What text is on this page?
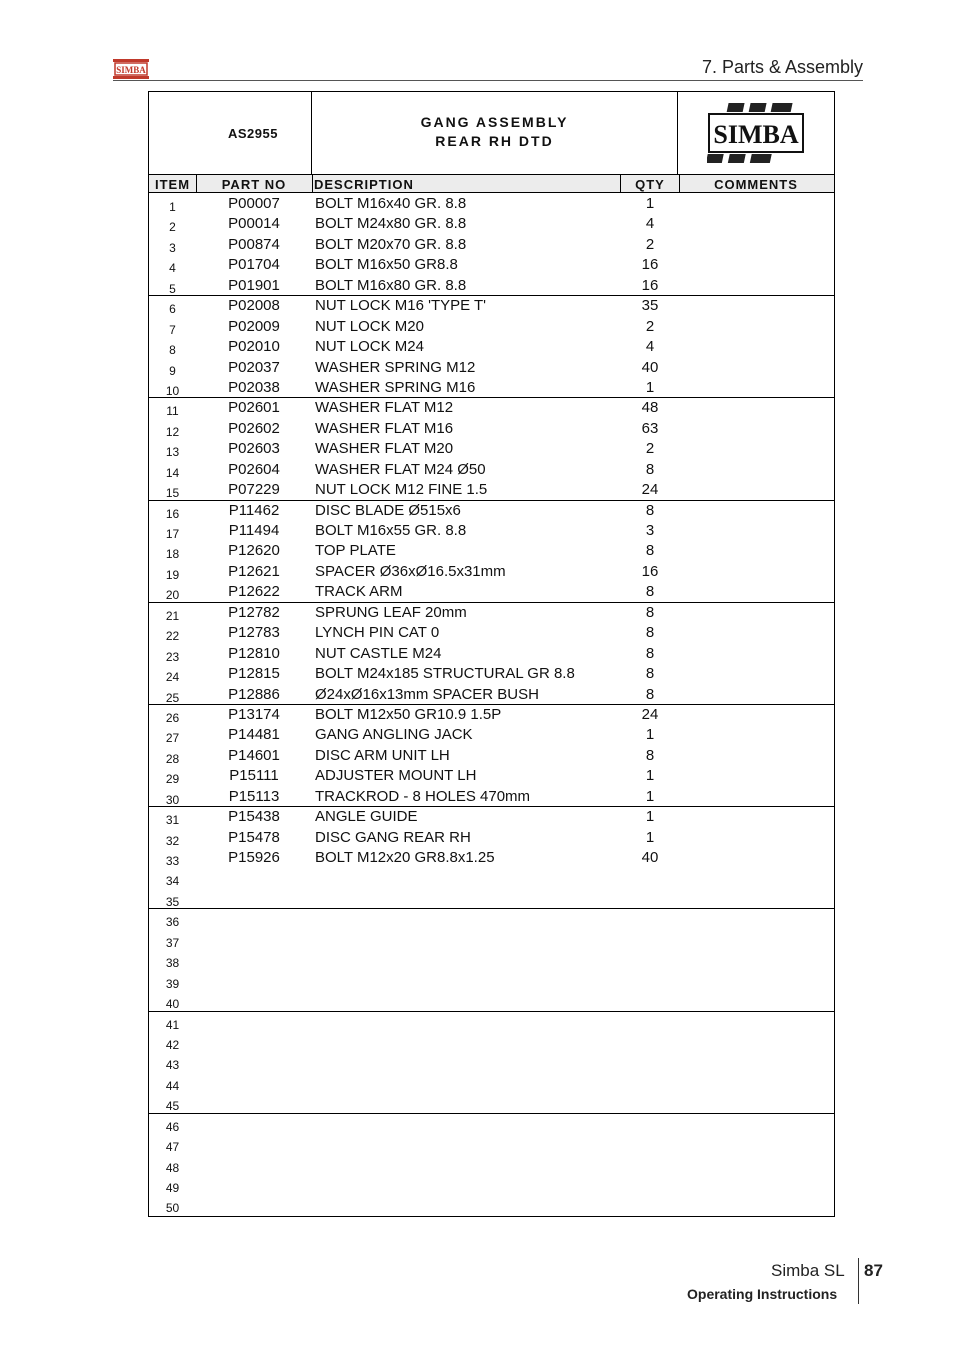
SIMBA	7. Parts & Assembly
AS2955
GANG ASSEMBLY
REAR RH DTD	SIMBA
ITEM	PART NO	DESCRIPTION	QTY	COMMENTS
1	P00007	BOLT M16x40 GR. 8.8	1
2	P00014	BOLT M24x80 GR. 8.8	4
3	P00874	BOLT M20x70 GR. 8.8	2
4	P01704	BOLT M16x50 GR8.8	16
5	P01901	BOLT M16x80 GR. 8.8	16
6	P02008	NUT LOCK M16 'TYPE T'	35
7	P02009	NUT LOCK M20	2
8	P02010	NUT LOCK M24	4
9	P02037	WASHER SPRING M12	40
10	P02038	WASHER SPRING M16	1
11	P02601	WASHER FLAT M12	48
12	P02602	WASHER FLAT M16	63
13	P02603	WASHER FLAT M20	2
14	P02604	WASHER FLAT M24 Ø50	8
15	P07229	NUT LOCK M12 FINE 1.5	24
16	P11462	DISC BLADE Ø515x6	8
17	P11494	BOLT M16x55 GR. 8.8	3
18	P12620	TOP PLATE	8
19	P12621	SPACER Ø36xØ16.5x31mm	16
20	P12622	TRACK ARM	8
21	P12782	SPRUNG LEAF 20mm	8
22	P12783	LYNCH PIN CAT 0	8
23	P12810	NUT CASTLE M24	8
24	P12815	BOLT M24x185 STRUCTURAL GR 8.8	8
25	P12886	Ø24xØ16x13mm SPACER BUSH	8
26	P13174	BOLT M12x50 GR10.9 1.5P	24
27	P14481	GANG ANGLING JACK	1
28	P14601	DISC ARM UNIT LH	8
29	P15111	ADJUSTER MOUNT LH	1
30	P15113	TRACKROD - 8 HOLES 470mm	1
31	P15438	ANGLE GUIDE	1
32	P15478	DISC GANG REAR RH	1
33	P15926	BOLT M12x20 GR8.8x1.25	40
34
35
36
37
38
39
40
41
42
43
44
45
46
47
48
49
50
Simba SL 87
Operating Instructions
